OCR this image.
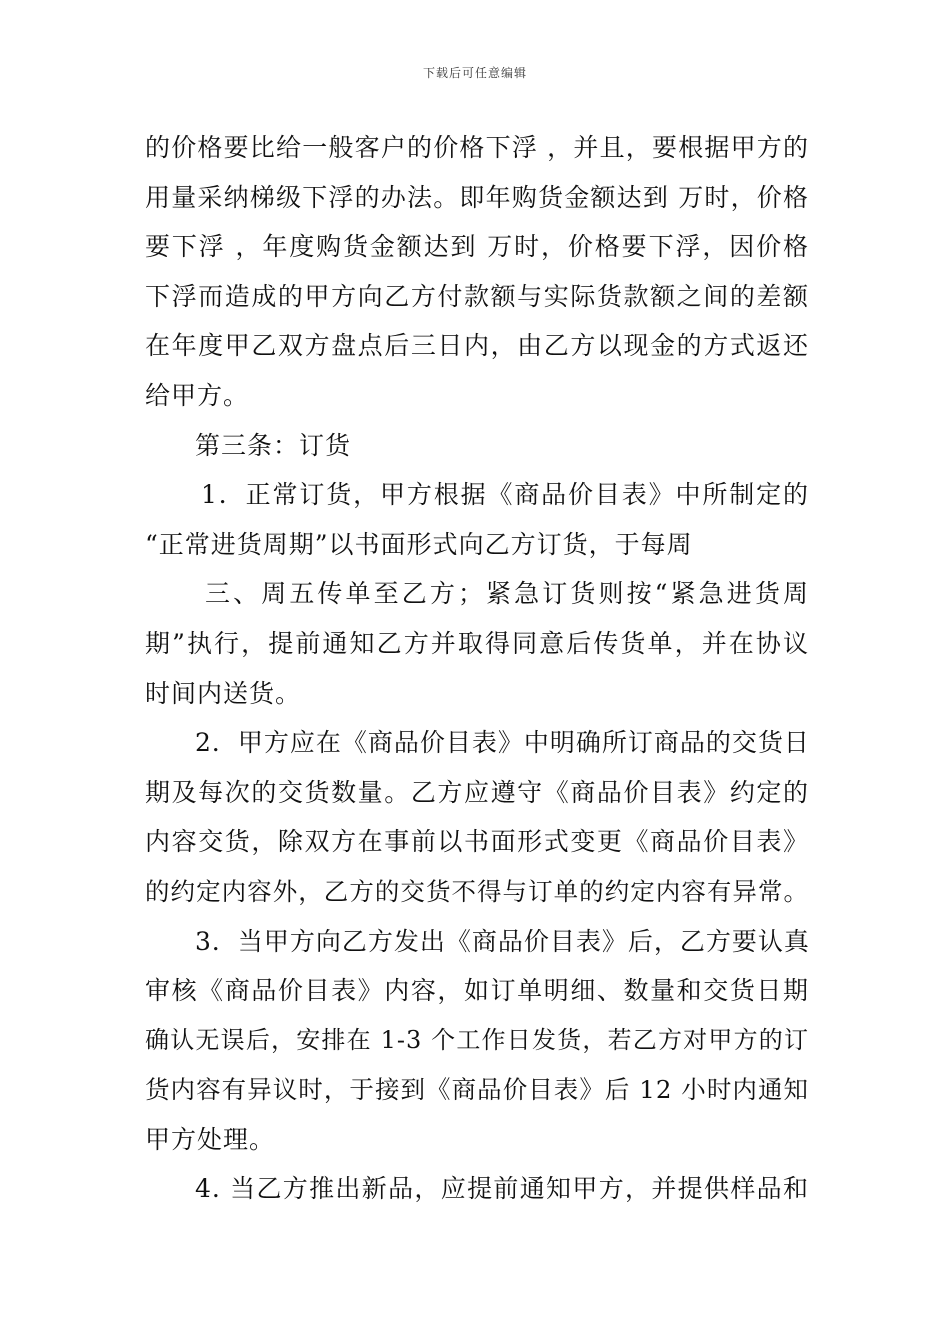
下载后可任意编辑
的价格要比给一般客户的价格下浮 ，并且，要根据甲方的
用量采纳梯级下浮的办法。即年购货金额达到 万时，价格
要下浮 ，年度购货金额达到 万时，价格要下浮，因价格
下浮而造成的甲方向乙方付款额与实际货款额之间的差额
在年度甲乙双方盘点后三日内，由乙方以现金的方式返还
给甲方。
第三条：订货
1．正常订货，甲方根据《商品价目表》中所制定的
“正常进货周期”以书面形式向乙方订货，于每周
三、周五传单至乙方；紧急订货则按“紧急进货周
期”执行，提前通知乙方并取得同意后传货单，并在协议
时间内送货。
2．甲方应在《商品价目表》中明确所订商品的交货日
期及每次的交货数量。乙方应遵守《商品价目表》约定的
内容交货，除双方在事前以书面形式变更《商品价目表》
的约定内容外，乙方的交货不得与订单的约定内容有异常。
3．当甲方向乙方发出《商品价目表》后，乙方要认真
审核《商品价目表》内容，如订单明细、数量和交货日期
确认无误后，安排在 1-3 个工作日发货，若乙方对甲方的订
货内容有异议时，于接到《商品价目表》后 12 小时内通知
甲方处理。
4. 当乙方推出新品，应提前通知甲方，并提供样品和
